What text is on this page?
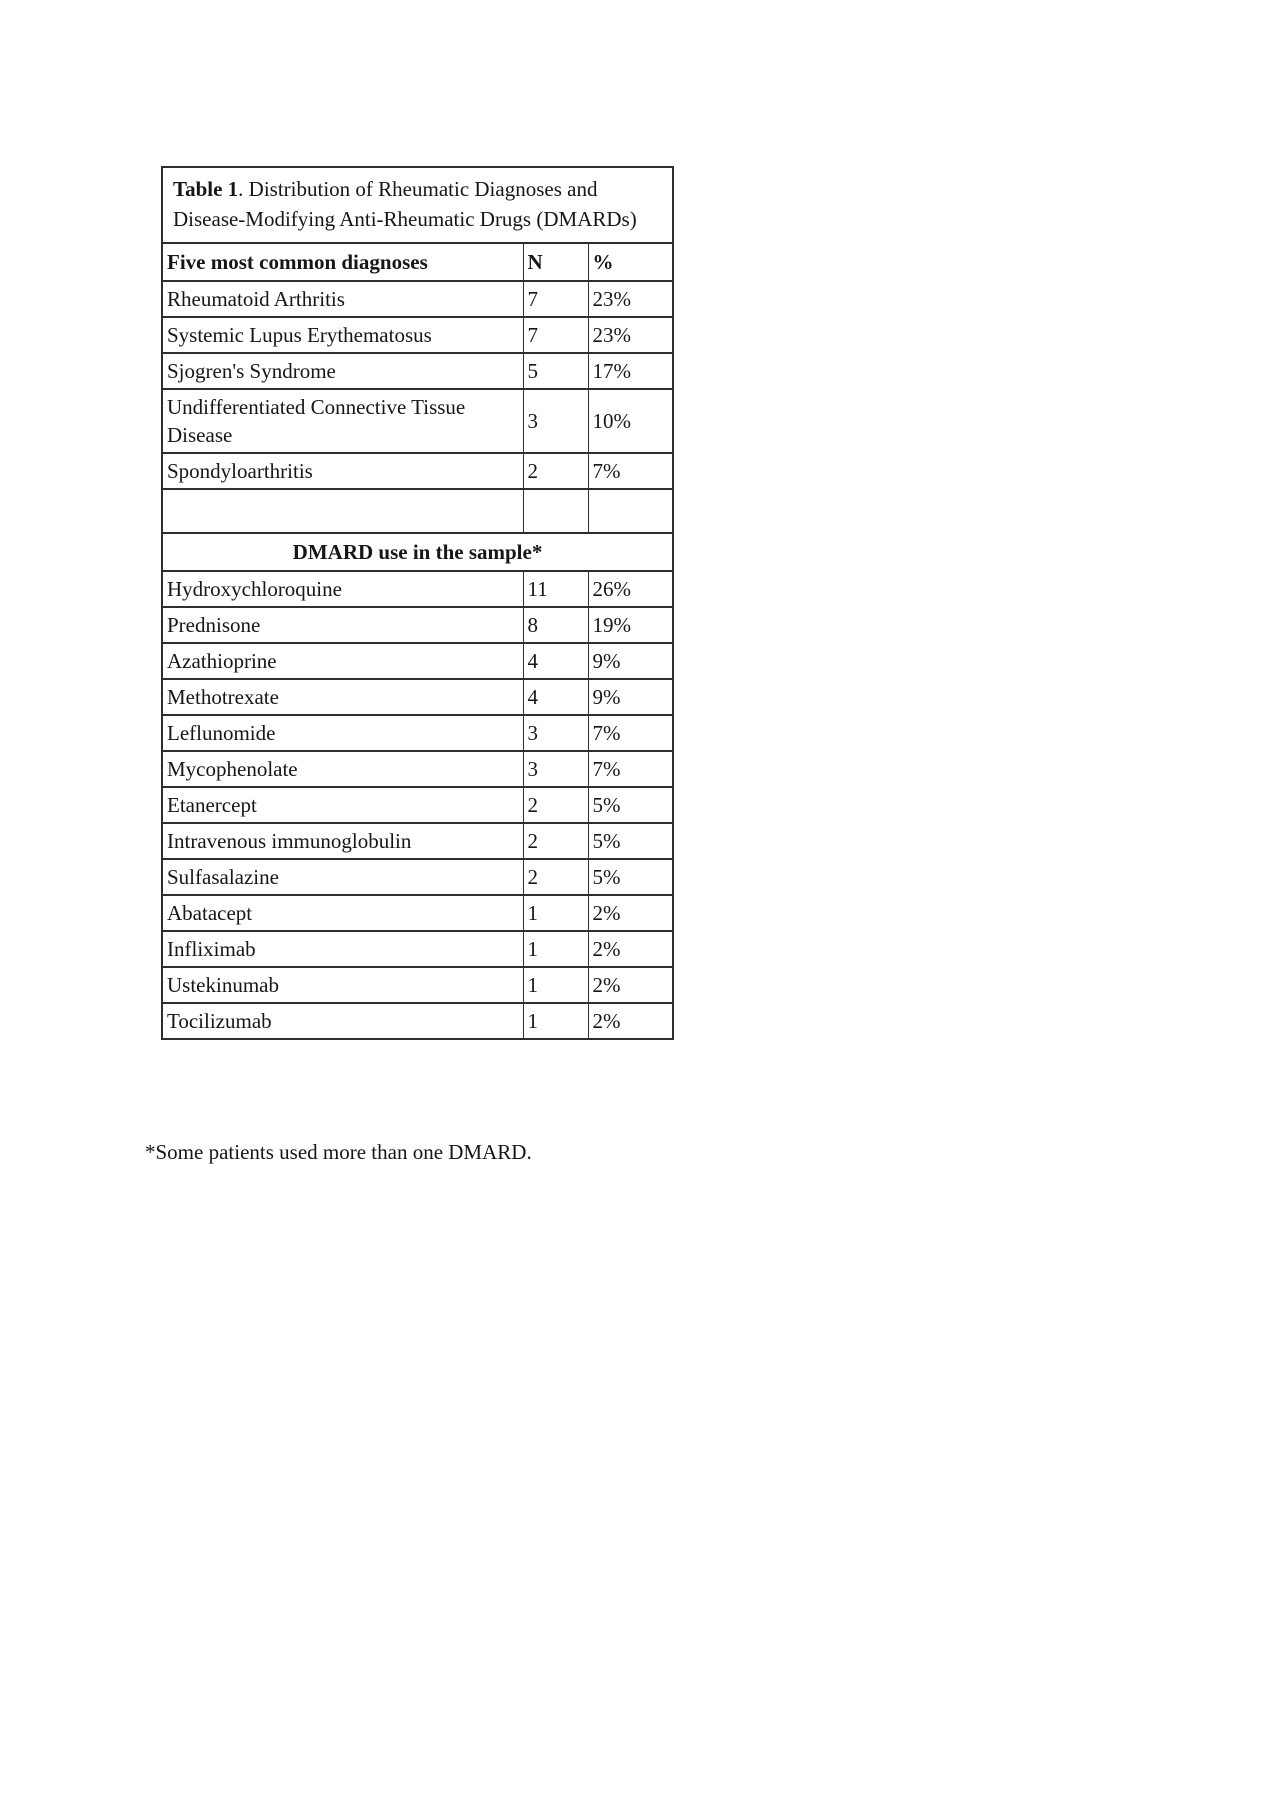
Table 1. Distribution of Rheumatic Diagnoses and Disease-Modifying Anti-Rheumatic Drugs (DMARDs)		
Five most common diagnoses	N	%
Rheumatoid Arthritis	7	23%
Systemic Lupus Erythematosus	7	23%
Sjogren's Syndrome	5	17%
Undifferentiated Connective Tissue Disease	3	10%
Spondyloarthritis	2	7%

DMARD use in the sample*		
Hydroxychloroquine	11	26%
Prednisone	8	19%
Azathioprine	4	9%
Methotrexate	4	9%
Leflunomide	3	7%
Mycophenolate	3	7%
Etanercept	2	5%
Intravenous immunoglobulin	2	5%
Sulfasalazine	2	5%
Abatacept	1	2%
Infliximab	1	2%
Ustekinumab	1	2%
Tocilizumab	1	2%
*Some patients used more than one DMARD.
